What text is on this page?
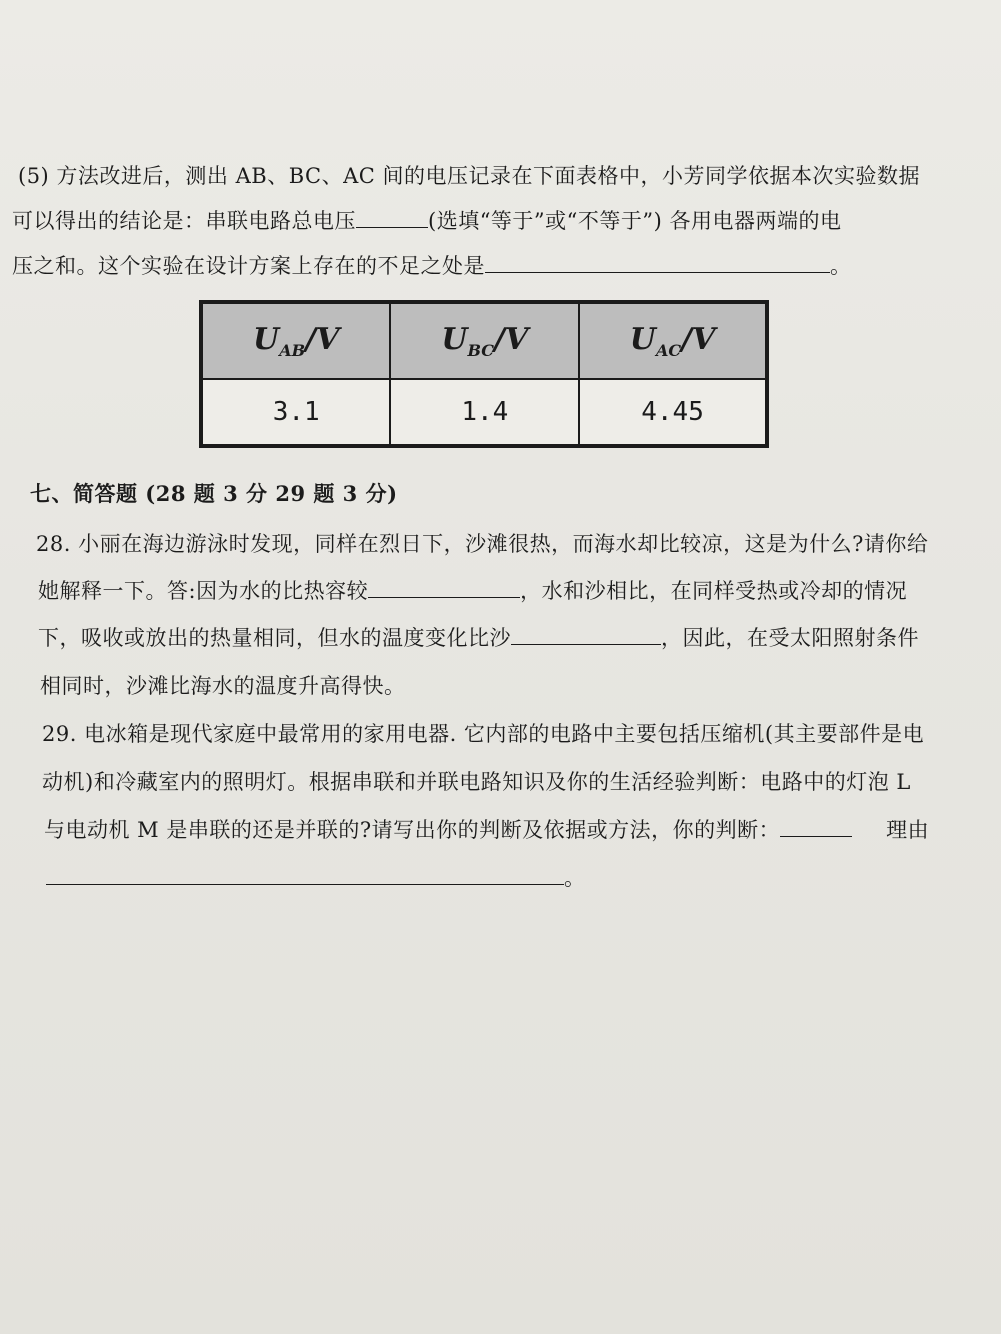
(5) 方法改进后，测出 AB、BC、AC 间的电压记录在下面表格中，小芳同学依据本次实验数据
可以得出的结论是：串联电路总电压	(选填“等于”或“不等于”) 各用电器两端的电
压之和。这个实验在设计方案上存在的不足之处是	。
$U_{AB}/V$	$U_{BC}/V$	$U_{AC}/V$
3.1	1.4	4.45
七、简答题 (28 题 3 分 29 题 3 分)
28. 小丽在海边游泳时发现，同样在烈日下，沙滩很热，而海水却比较凉，这是为什么?请你给
她解释一下。答:因为水的比热容较	，水和沙相比，在同样受热或冷却的情况
下，吸收或放出的热量相同，但水的温度变化比沙	，因此，在受太阳照射条件
相同时，沙滩比海水的温度升高得快。
29. 电冰箱是现代家庭中最常用的家用电器. 它内部的电路中主要包括压缩机(其主要部件是电
动机)和冷藏室内的照明灯。根据串联和并联电路知识及你的生活经验判断：电路中的灯泡 L
与电动机 M 是串联的还是并联的?请写出你的判断及依据或方法，你的判断：	理由
。
